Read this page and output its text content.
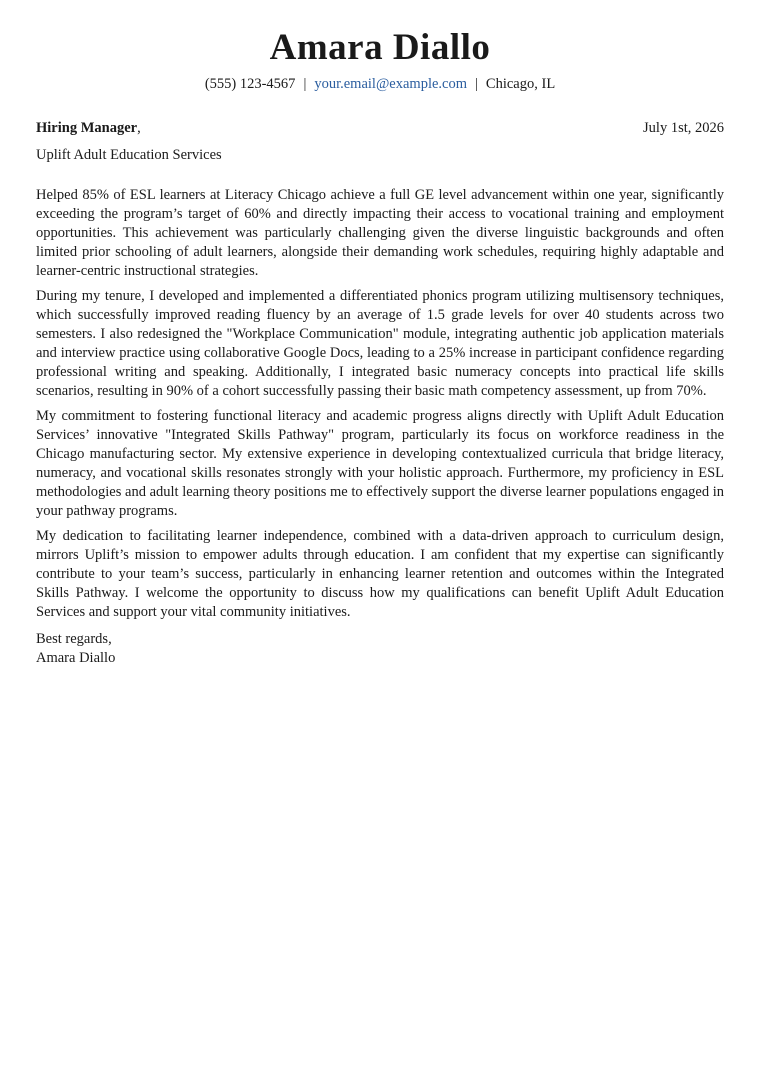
Amara Diallo
(555) 123-4567 | your.email@example.com | Chicago, IL
Hiring Manager,	July 1st, 2026
Uplift Adult Education Services

Helped 85% of ESL learners at Literacy Chicago achieve a full GE level advancement within one year, significantly exceeding the program’s target of 60% and directly impacting their access to vocational training and employment opportunities. This achievement was particularly challenging given the diverse linguistic backgrounds and often limited prior schooling of adult learners, alongside their demanding work schedules, requiring highly adaptable and learner-centric instructional strategies.

During my tenure, I developed and implemented a differentiated phonics program utilizing multisensory techniques, which successfully improved reading fluency by an average of 1.5 grade levels for over 40 students across two semesters. I also redesigned the "Workplace Communication" module, integrating authentic job application materials and interview practice using collaborative Google Docs, leading to a 25% increase in participant confidence regarding professional writing and speaking. Additionally, I integrated basic numeracy concepts into practical life skills scenarios, resulting in 90% of a cohort successfully passing their basic math competency assessment, up from 70%.

My commitment to fostering functional literacy and academic progress aligns directly with Uplift Adult Education Services’ innovative "Integrated Skills Pathway" program, particularly its focus on workforce readiness in the Chicago manufacturing sector. My extensive experience in developing contextualized curricula that bridge literacy, numeracy, and vocational skills resonates strongly with your holistic approach. Furthermore, my proficiency in ESL methodologies and adult learning theory positions me to effectively support the diverse learner populations engaged in your pathway programs.

My dedication to facilitating learner independence, combined with a data-driven approach to curriculum design, mirrors Uplift’s mission to empower adults through education. I am confident that my expertise can significantly contribute to your team’s success, particularly in enhancing learner retention and outcomes within the Integrated Skills Pathway. I welcome the opportunity to discuss how my qualifications can benefit Uplift Adult Education Services and support your vital community initiatives.

Best regards,
Amara Diallo
